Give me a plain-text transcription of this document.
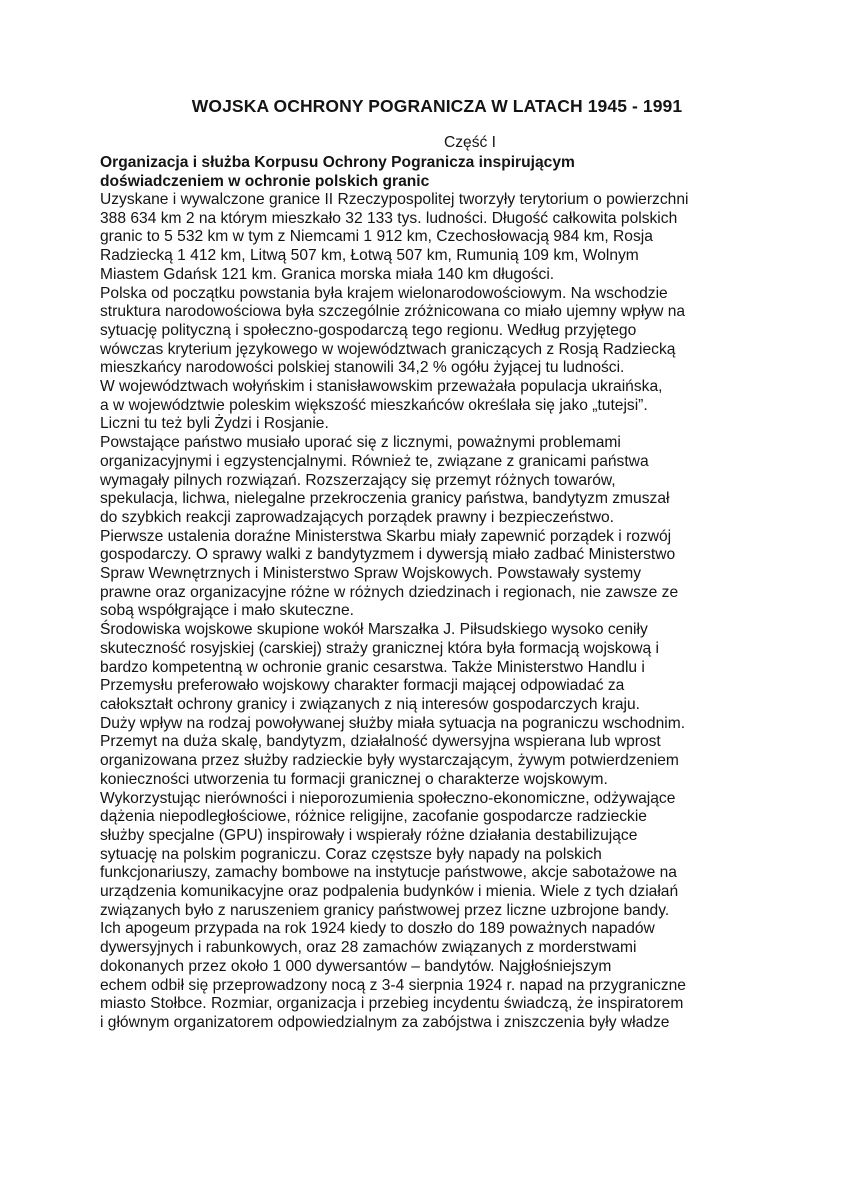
WOJSKA OCHRONY POGRANICZA W LATACH 1945 - 1991
Część I
Organizacja i służba Korpusu Ochrony Pogranicza inspirującym
doświadczeniem w ochronie polskich granic
Uzyskane i wywalczone granice II Rzeczypospolitej tworzyły terytorium o powierzchni
388 634 km 2 na którym mieszkało 32 133 tys. ludności. Długość całkowita polskich
granic to 5 532 km w tym z Niemcami 1 912 km, Czechosłowacją 984 km, Rosja
Radziecką 1 412 km, Litwą 507 km, Łotwą 507 km, Rumunią 109 km, Wolnym
Miastem Gdańsk 121 km. Granica morska miała 140 km długości.
Polska od początku powstania była krajem wielonarodowościowym. Na wschodzie
struktura narodowościowa była szczególnie zróżnicowana co miało ujemny wpływ na
sytuację polityczną i społeczno-gospodarczą tego regionu. Według przyjętego
wówczas kryterium językowego w województwach graniczących z Rosją Radziecką
mieszkańcy narodowości polskiej stanowili 34,2 % ogółu żyjącej tu ludności.
W województwach wołyńskim i stanisławowskim przeważała populacja ukraińska,
a w województwie poleskim większość mieszkańców określała się jako „tutejsi”.
Liczni tu też byli Żydzi i Rosjanie.
Powstające państwo musiało uporać się z licznymi, poważnymi problemami
organizacyjnymi i egzystencjalnymi. Również te, związane z granicami państwa
wymagały pilnych rozwiązań. Rozszerzający się przemyt różnych towarów,
spekulacja, lichwa, nielegalne przekroczenia granicy państwa, bandytyzm zmuszał
do szybkich reakcji zaprowadzających porządek prawny i bezpieczeństwo.
Pierwsze ustalenia doraźne Ministerstwa Skarbu miały zapewnić porządek i rozwój
gospodarczy. O sprawy walki z bandytyzmem i dywersją miało zadbać Ministerstwo
Spraw Wewnętrznych i Ministerstwo Spraw Wojskowych. Powstawały systemy
prawne oraz organizacyjne różne w różnych dziedzinach i regionach, nie zawsze ze
sobą współgrające i mało skuteczne.
Środowiska wojskowe skupione wokół Marszałka J. Piłsudskiego wysoko ceniły
skuteczność rosyjskiej (carskiej) straży granicznej która była formacją wojskową i
bardzo kompetentną w ochronie granic cesarstwa. Także Ministerstwo Handlu i
Przemysłu preferowało wojskowy charakter formacji mającej odpowiadać za
całokształt ochrony granicy i związanych z nią interesów gospodarczych kraju.
Duży wpływ na rodzaj powoływanej służby miała sytuacja na pograniczu wschodnim.
Przemyt na duża skalę, bandytyzm, działalność dywersyjna wspierana lub wprost
organizowana przez służby radzieckie były wystarczającym, żywym potwierdzeniem
konieczności utworzenia tu formacji granicznej o charakterze wojskowym.
Wykorzystując nierówności i nieporozumienia społeczno-ekonomiczne, odżywające
dążenia niepodległościowe, różnice religijne, zacofanie gospodarcze radzieckie
służby specjalne (GPU) inspirowały i wspierały różne działania destabilizujące
sytuację na polskim pograniczu. Coraz częstsze były napady na polskich
funkcjonariuszy, zamachy bombowe na instytucje państwowe, akcje sabotażowe na
urządzenia komunikacyjne oraz podpalenia budynków i mienia. Wiele z tych działań
związanych było z naruszeniem granicy państwowej przez liczne uzbrojone bandy.
Ich apogeum przypada na rok 1924 kiedy to doszło do 189 poważnych napadów
dywersyjnych i rabunkowych, oraz 28 zamachów związanych z morderstwami
dokonanych przez około 1 000 dywersantów – bandytów. Najgłośniejszym
echem odbił się przeprowadzony nocą z 3-4 sierpnia 1924 r. napad na przygraniczne
miasto Stołbce. Rozmiar, organizacja i przebieg incydentu świadczą, że inspiratorem
i głównym organizatorem odpowiedzialnym za zabójstwa i zniszczenia były władze
